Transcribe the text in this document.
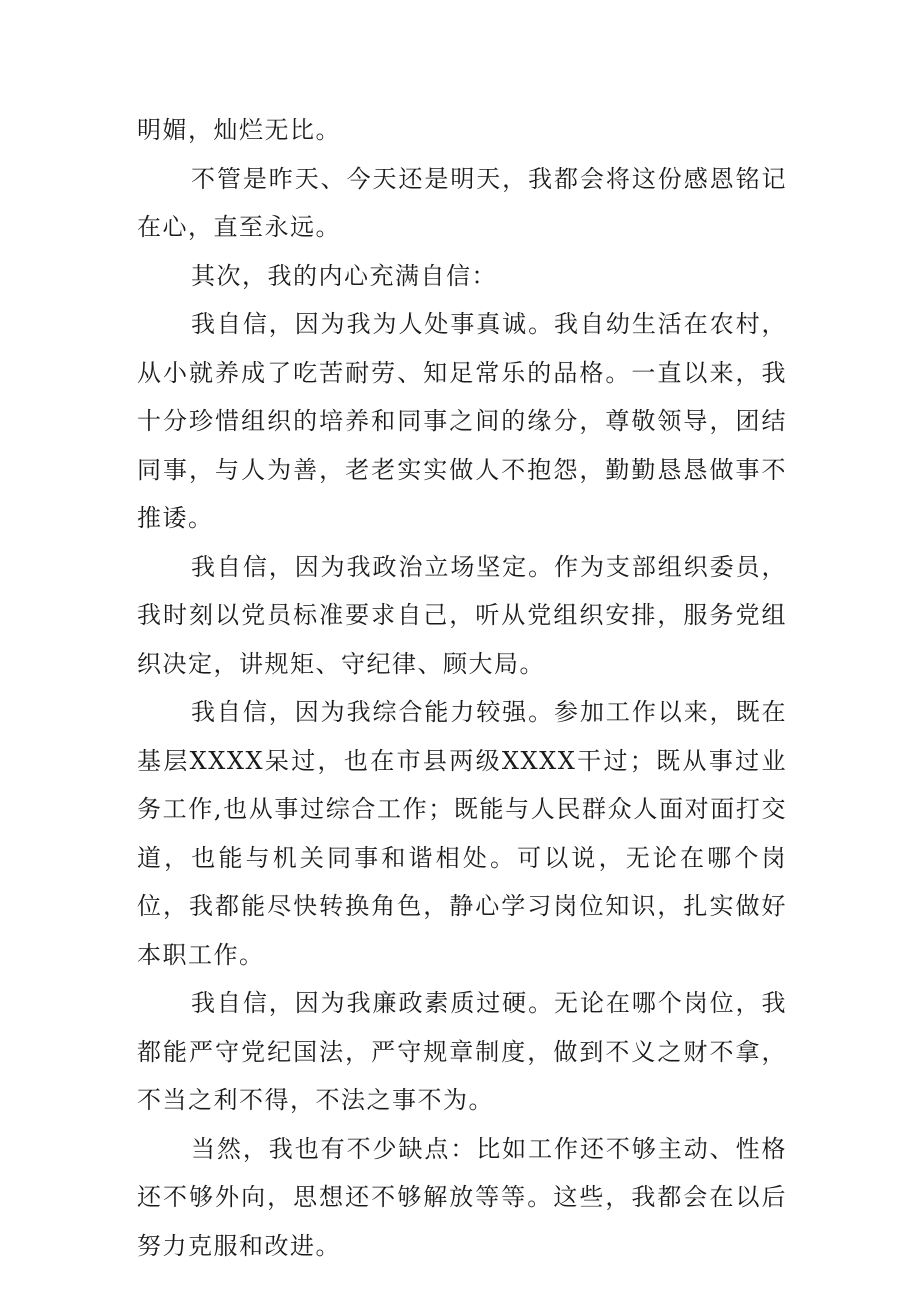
明媚，灿烂无比。

不管是昨天、今天还是明天，我都会将这份感恩铭记在心，直至永远。

其次，我的内心充满自信：

我自信，因为我为人处事真诚。我自幼生活在农村，从小就养成了吃苦耐劳、知足常乐的品格。一直以来，我十分珍惜组织的培养和同事之间的缘分，尊敬领导，团结同事，与人为善，老老实实做人不抱怨，勤勤恳恳做事不推诿。

我自信，因为我政治立场坚定。作为支部组织委员，我时刻以党员标准要求自己，听从党组织安排，服务党组织决定，讲规矩、守纪律、顾大局。

我自信，因为我综合能力较强。参加工作以来，既在基层XXXX呆过，也在市县两级XXXX干过；既从事过业务工作,也从事过综合工作；既能与人民群众人面对面打交道，也能与机关同事和谐相处。可以说，无论在哪个岗位，我都能尽快转换角色，静心学习岗位知识，扎实做好本职工作。

我自信，因为我廉政素质过硬。无论在哪个岗位，我都能严守党纪国法，严守规章制度，做到不义之财不拿，不当之利不得，不法之事不为。

当然，我也有不少缺点：比如工作还不够主动、性格还不够外向，思想还不够解放等等。这些，我都会在以后努力克服和改进。
